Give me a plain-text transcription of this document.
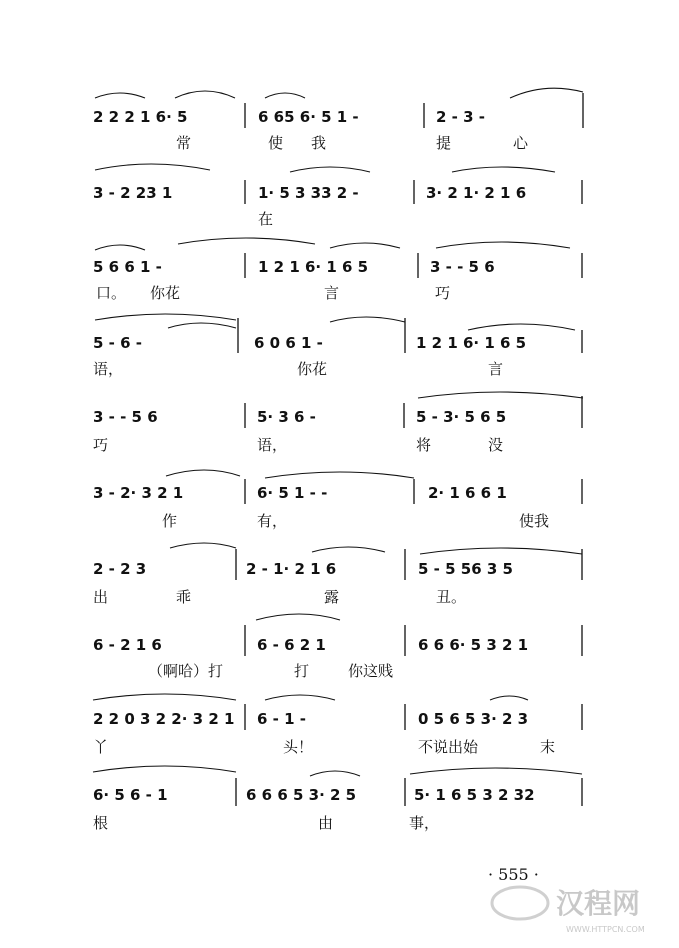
2 2 2 1 6· 5	6 65 6· 5 1 -	2 - 3 -
3 - 2 23 1	1· 5 3 33 2 -	3· 2 1· 2 1 6
5 6 6 1 -	1 2 1 6· 1 6 5	3 - - 5 6
5 - 6 -	6 0 6 1 -	1 2 1 6· 1 6 5
3 - - 5 6	5· 3 6 -	5 - 3· 5 6 5
3 - 2· 3 2 1	6· 5 1 - -	2· 1 6 6 1
2 - 2 3	2 - 1· 2 1 6	5 - 5 56 3 5
6 - 2 1 6	6 - 6 2 1	6 6 6· 5 3 2 1
2 2 0 3 2 2· 3 2 1 6 - 1 -	0 5 6 5 3· 2 3
6· 5 6 - 1	6 6 6 5 3· 2 5	5· 1 6 5 3 2 32
常	使 我	提	心
在
口。 你花	言	巧
语，	你花	言
巧	语，	将	没
作	有，	使我
出	乖	露	丑。
（啊哈）打	打	你这贱
丫	头！	不说出始	末
根	由	事，
· 555 ·
汉程网
WWW.HTTPCN.COM
